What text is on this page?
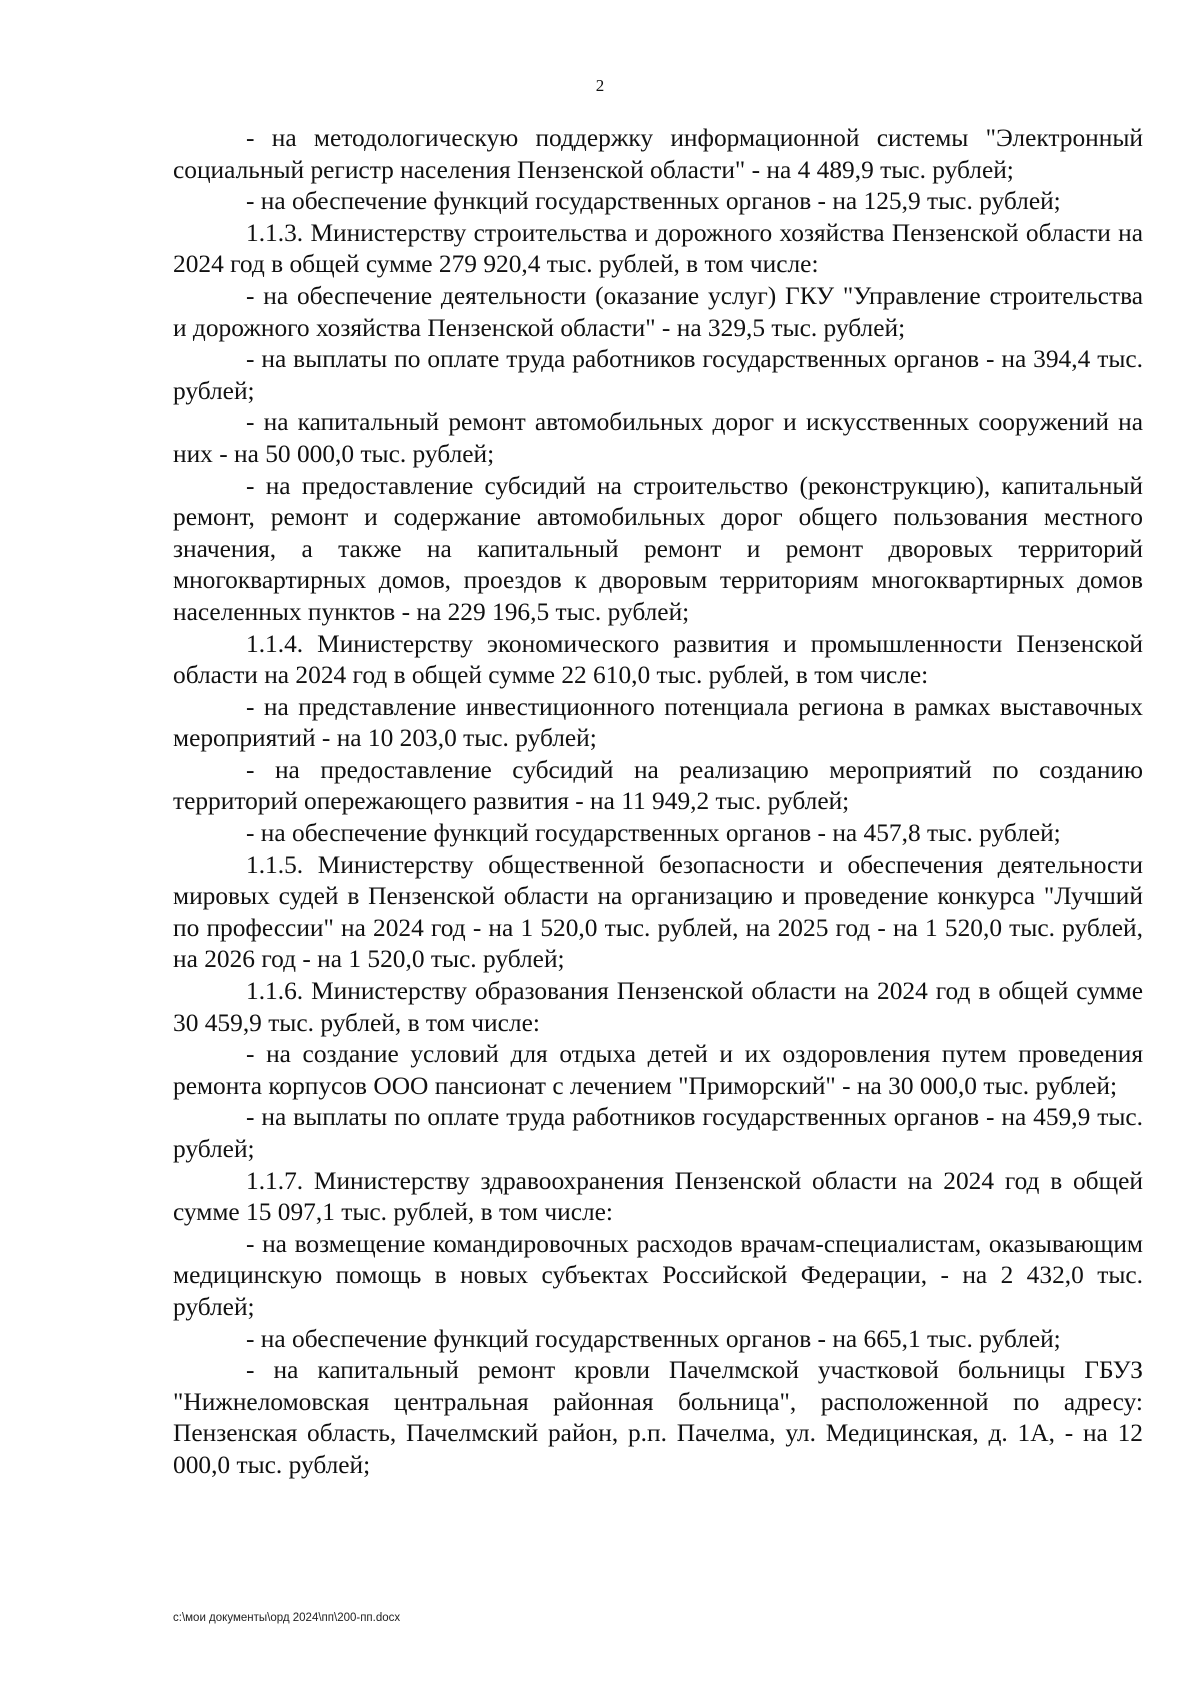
2

- на методологическую поддержку информационной системы "Электронный социальный регистр населения Пензенской области" - на 4 489,9 тыс. рублей;

- на обеспечение функций государственных органов - на 125,9 тыс. рублей;

1.1.3. Министерству строительства и дорожного хозяйства Пензенской области на 2024 год в общей сумме 279 920,4 тыс. рублей, в том числе:

- на обеспечение деятельности (оказание услуг) ГКУ "Управление строительства и дорожного хозяйства Пензенской области" - на 329,5 тыс. рублей;

- на выплаты по оплате труда работников государственных органов - на 394,4 тыс. рублей;

- на капитальный ремонт автомобильных дорог и искусственных сооружений на них - на 50 000,0 тыс. рублей;

- на предоставление субсидий на строительство (реконструкцию), капитальный ремонт, ремонт и содержание автомобильных дорог общего пользования местного значения, а также на капитальный ремонт и ремонт дворовых территорий многоквартирных домов, проездов к дворовым территориям многоквартирных домов населенных пунктов - на 229 196,5 тыс. рублей;

1.1.4. Министерству экономического развития и промышленности Пензенской области на 2024 год в общей сумме 22 610,0 тыс. рублей, в том числе:

- на представление инвестиционного потенциала региона в рамках выставочных мероприятий - на 10 203,0 тыс. рублей;

- на предоставление субсидий на реализацию мероприятий по созданию территорий опережающего развития - на 11 949,2 тыс. рублей;

- на обеспечение функций государственных органов - на 457,8 тыс. рублей;

1.1.5. Министерству общественной безопасности и обеспечения деятельности мировых судей в Пензенской области на организацию и проведение конкурса "Лучший по профессии" на 2024 год - на 1 520,0 тыс. рублей, на 2025 год - на 1 520,0 тыс. рублей, на 2026 год - на 1 520,0 тыс. рублей;

1.1.6. Министерству образования Пензенской области на 2024 год в общей сумме 30 459,9 тыс. рублей, в том числе:

- на создание условий для отдыха детей и их оздоровления путем проведения ремонта корпусов ООО пансионат с лечением "Приморский" - на 30 000,0 тыс. рублей;

- на выплаты по оплате труда работников государственных органов - на 459,9 тыс. рублей;

1.1.7. Министерству здравоохранения Пензенской области на 2024 год в общей сумме 15 097,1 тыс. рублей, в том числе:

- на возмещение командировочных расходов врачам-специалистам, оказывающим медицинскую помощь в новых субъектах Российской Федерации, - на 2 432,0 тыс. рублей;

- на обеспечение функций государственных органов - на 665,1 тыс. рублей;

- на капитальный ремонт кровли Пачелмской участковой больницы ГБУЗ "Нижнеломовская центральная районная больница", расположенной по адресу: Пензенская область, Пачелмский район, р.п. Пачелма, ул. Медицинская, д. 1А, - на 12 000,0 тыс. рублей;

с:\мои документы\орд 2024\пп\200-пп.docx
